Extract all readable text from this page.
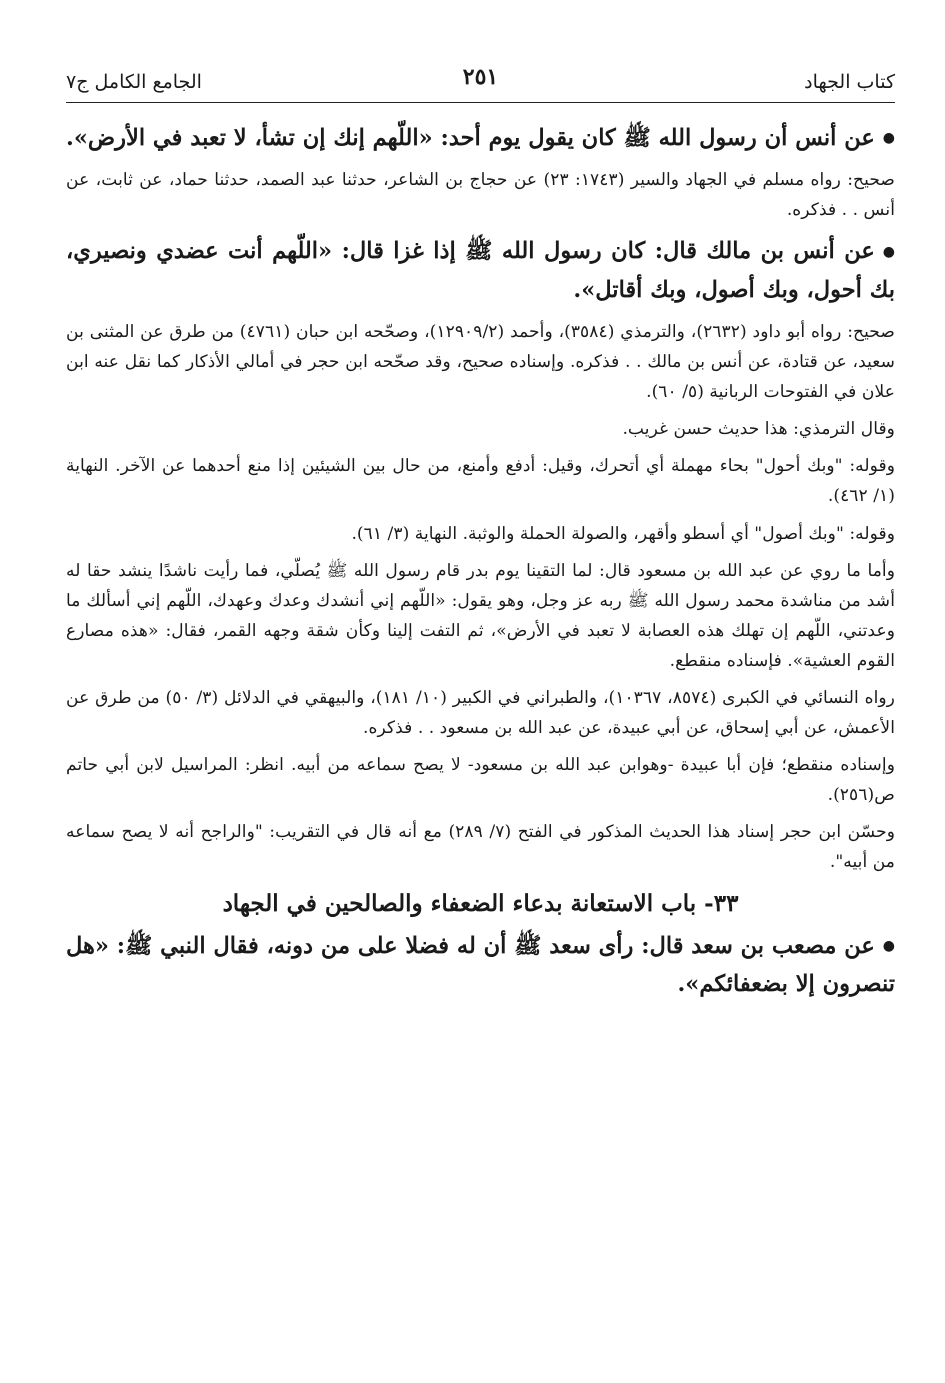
كتاب الجهاد
٢٥١
الجامع الكامل ج٧

●عن أنس أن رسول الله ﷺ كان يقول يوم أحد: «اللّهم إنك إن تشأ، لا تعبد في الأرض».

صحيح: رواه مسلم في الجهاد والسير (١٧٤٣: ٢٣) عن حجاج بن الشاعر، حدثنا عبد الصمد، حدثنا حماد، عن ثابت، عن أنس . . فذكره.

●عن أنس بن مالك قال: كان رسول الله ﷺ إذا غزا قال: «اللّهم أنت عضدي ونصيري، بك أحول، وبك أصول، وبك أقاتل».

صحيح: رواه أبو داود (٢٦٣٢)، والترمذي (٣٥٨٤)، وأحمد (١٢٩٠٩/٢)، وصحّحه ابن حبان (٤٧٦١) من طرق عن المثنى بن سعيد، عن قتادة، عن أنس بن مالك . . فذكره. وإسناده صحيح، وقد صحّحه ابن حجر في أمالي الأذكار كما نقل عنه ابن علان في الفتوحات الربانية (٥/ ٦٠).

وقال الترمذي: هذا حديث حسن غريب.

وقوله: "وبك أحول" بحاء مهملة أي أتحرك، وقيل: أدفع وأمنع، من حال بين الشيئين إذا منع أحدهما عن الآخر. النهاية (١/ ٤٦٢).

وقوله: "وبك أصول" أي أسطو وأقهر، والصولة الحملة والوثبة. النهاية (٣/ ٦١).

وأما ما روي عن عبد الله بن مسعود قال: لما التقينا يوم بدر قام رسول الله ﷺ يُصلّي، فما رأيت ناشدًا ينشد حقا له أشد من مناشدة محمد رسول الله ﷺ ربه عز وجل، وهو يقول: «اللّهم إني أنشدك وعدك وعهدك، اللّهم إني أسألك ما وعدتني، اللّهم إن تهلك هذه العصابة لا تعبد في الأرض»، ثم التفت إلينا وكأن شقة وجهه القمر، فقال: «هذه مصارع القوم العشية». فإسناده منقطع.

رواه النسائي في الكبرى (٨٥٧٤، ١٠٣٦٧)، والطبراني في الكبير (١٠/ ١٨١)، والبيهقي في الدلائل (٣/ ٥٠) من طرق عن الأعمش، عن أبي إسحاق، عن أبي عبيدة، عن عبد الله بن مسعود . . فذكره.

وإسناده منقطع؛ فإن أبا عبيدة -وهوابن عبد الله بن مسعود- لا يصح سماعه من أبيه. انظر: المراسيل لابن أبي حاتم ص(٢٥٦).

وحسّن ابن حجر إسناد هذا الحديث المذكور في الفتح (٧/ ٢٨٩) مع أنه قال في التقريب: "والراجح أنه لا يصح سماعه من أبيه".

٣٣- باب الاستعانة بدعاء الضعفاء والصالحين في الجهاد

●عن مصعب بن سعد قال: رأى سعد ﷺ أن له فضلا على من دونه، فقال النبي ﷺ: «هل تنصرون إلا بضعفائكم».
